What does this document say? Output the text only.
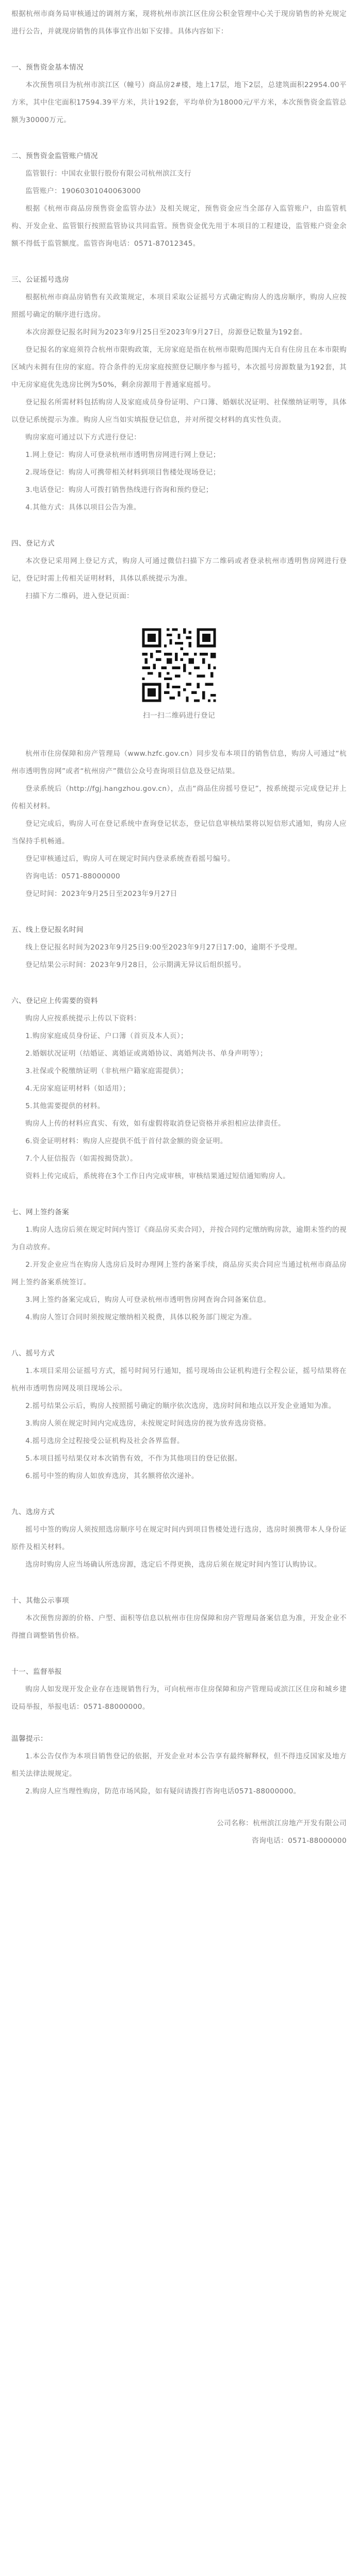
根据杭州市商务局审核通过的调剂方案，现将杭州市滨江区住房公积金管理中心关于现房销售的补充规定进行公告，并就现房销售的具体事宜作出如下安排。具体内容如下：

一、预售资金基本情况

本次预售项目为杭州市滨江区（幢号）商品房2#楼，地上17层，地下2层，总建筑面积22954.00平方米，其中住宅面积17594.39平方米，共计192套，平均单价为18000元/平方米，本次预售资金监管总额为30000万元。

二、预售资金监管账户情况

监管银行：中国农业银行股份有限公司杭州滨江支行

监管账户：19060301040063000

根据《杭州市商品房预售资金监管办法》及相关规定，预售资金应当全部存入监管账户，由监管机构、开发企业、监管银行按照监管协议共同监管。预售资金优先用于本项目的工程建设，监管账户资金余额不得低于监管额度。监管咨询电话：0571-87012345。

三、公证摇号选房

根据杭州市商品房销售有关政策规定，本项目采取公证摇号方式确定购房人的选房顺序，购房人应按照摇号确定的顺序进行选房。

本次房源登记报名时间为2023年9月25日至2023年9月27日，房源登记数量为192套。

登记报名的家庭须符合杭州市限购政策，无房家庭是指在杭州市限购范围内无自有住房且在本市限购区域内未拥有住房的家庭。符合条件的无房家庭按照登记顺序参与摇号，本次摇号房源数量为192套，其中无房家庭优先选房比例为50%，剩余房源用于普通家庭摇号。

登记报名所需材料包括购房人及家庭成员身份证明、户口簿、婚姻状况证明、社保缴纳证明等，具体以登记系统提示为准。购房人应当如实填报登记信息，并对所提交材料的真实性负责。

购房家庭可通过以下方式进行登记：

1.网上登记：购房人可登录杭州市透明售房网进行网上登记；

2.现场登记：购房人可携带相关材料到项目售楼处现场登记；

3.电话登记：购房人可拨打销售热线进行咨询和预约登记；

4.其他方式：具体以项目公告为准。

四、登记方式

本次登记采用网上登记方式，购房人可通过微信扫描下方二维码或者登录杭州市透明售房网进行登记，登记时需上传相关证明材料，具体以系统提示为准。

扫描下方二维码，进入登记页面：

扫一扫二维码进行登记

杭州市住房保障和房产管理局（www.hzfc.gov.cn）同步发布本项目的销售信息，购房人可通过“杭州市透明售房网”或者“杭州房产”微信公众号查询项目信息及登记结果。

登录系统后（http://fgj.hangzhou.gov.cn），点击“商品住房摇号登记”，按系统提示完成登记并上传相关材料。

登记完成后，购房人可在登记系统中查询登记状态，登记信息审核结果将以短信形式通知，购房人应当保持手机畅通。

登记审核通过后，购房人可在规定时间内登录系统查看摇号编号。

咨询电话：0571-88000000

登记时间：2023年9月25日至2023年9月27日

五、线上登记报名时间

线上登记报名时间为2023年9月25日9:00至2023年9月27日17:00，逾期不予受理。

登记结果公示时间：2023年9月28日，公示期满无异议后组织摇号。

六、登记应上传需要的资料

购房人应按系统提示上传以下资料：

1.购房家庭成员身份证、户口簿（首页及本人页）；

2.婚姻状况证明（结婚证、离婚证或离婚协议、离婚判决书、单身声明等）；

3.社保或个税缴纳证明（非杭州户籍家庭需提供）；

4.无房家庭证明材料（如适用）；

5.其他需要提供的材料。

购房人上传的材料应真实、有效，如有虚假将取消登记资格并承担相应法律责任。

6.资金证明材料：购房人应提供不低于首付款金额的资金证明。

7.个人征信报告（如需按揭贷款）。

资料上传完成后，系统将在3个工作日内完成审核，审核结果通过短信通知购房人。

七、网上签约备案

1.购房人选房后须在规定时间内签订《商品房买卖合同》，并按合同约定缴纳购房款，逾期未签约的视为自动放弃。

2.开发企业应当在购房人选房后及时办理网上签约备案手续，商品房买卖合同应当通过杭州市商品房网上签约备案系统签订。

3.网上签约备案完成后，购房人可登录杭州市透明售房网查询合同备案信息。

4.购房人签订合同时须按规定缴纳相关税费，具体以税务部门规定为准。

八、摇号方式

1.本项目采用公证摇号方式，摇号时间另行通知，摇号现场由公证机构进行全程公证，摇号结果将在杭州市透明售房网及项目现场公示。

2.摇号结果公示后，购房人按照摇号确定的顺序依次选房，选房时间和地点以开发企业通知为准。

3.购房人须在规定时间内完成选房，未按规定时间选房的视为放弃选房资格。

4.摇号选房全过程接受公证机构及社会各界监督。

5.本项目摇号结果仅对本次销售有效，不作为其他项目的登记依据。

6.摇号中签的购房人如放弃选房，其名额将依次递补。

九、选房方式

摇号中签的购房人须按照选房顺序号在规定时间内到项目售楼处进行选房，选房时须携带本人身份证原件及相关材料。

选房时购房人应当场确认所选房源，选定后不得更换，选房后须在规定时间内签订认购协议。

十、其他公示事项

本次预售房源的价格、户型、面积等信息以杭州市住房保障和房产管理局备案信息为准，开发企业不得擅自调整销售价格。

十一、监督举报

购房人如发现开发企业存在违规销售行为，可向杭州市住房保障和房产管理局或滨江区住房和城乡建设局举报，举报电话：0571-88000000。

温馨提示：

1.本公告仅作为本项目销售登记的依据，开发企业对本公告享有最终解释权，但不得违反国家及地方相关法律法规规定。

2.购房人应当理性购房，防范市场风险，如有疑问请拨打咨询电话0571-88000000。

公司名称：杭州滨江房地产开发有限公司

咨询电话：0571-88000000
